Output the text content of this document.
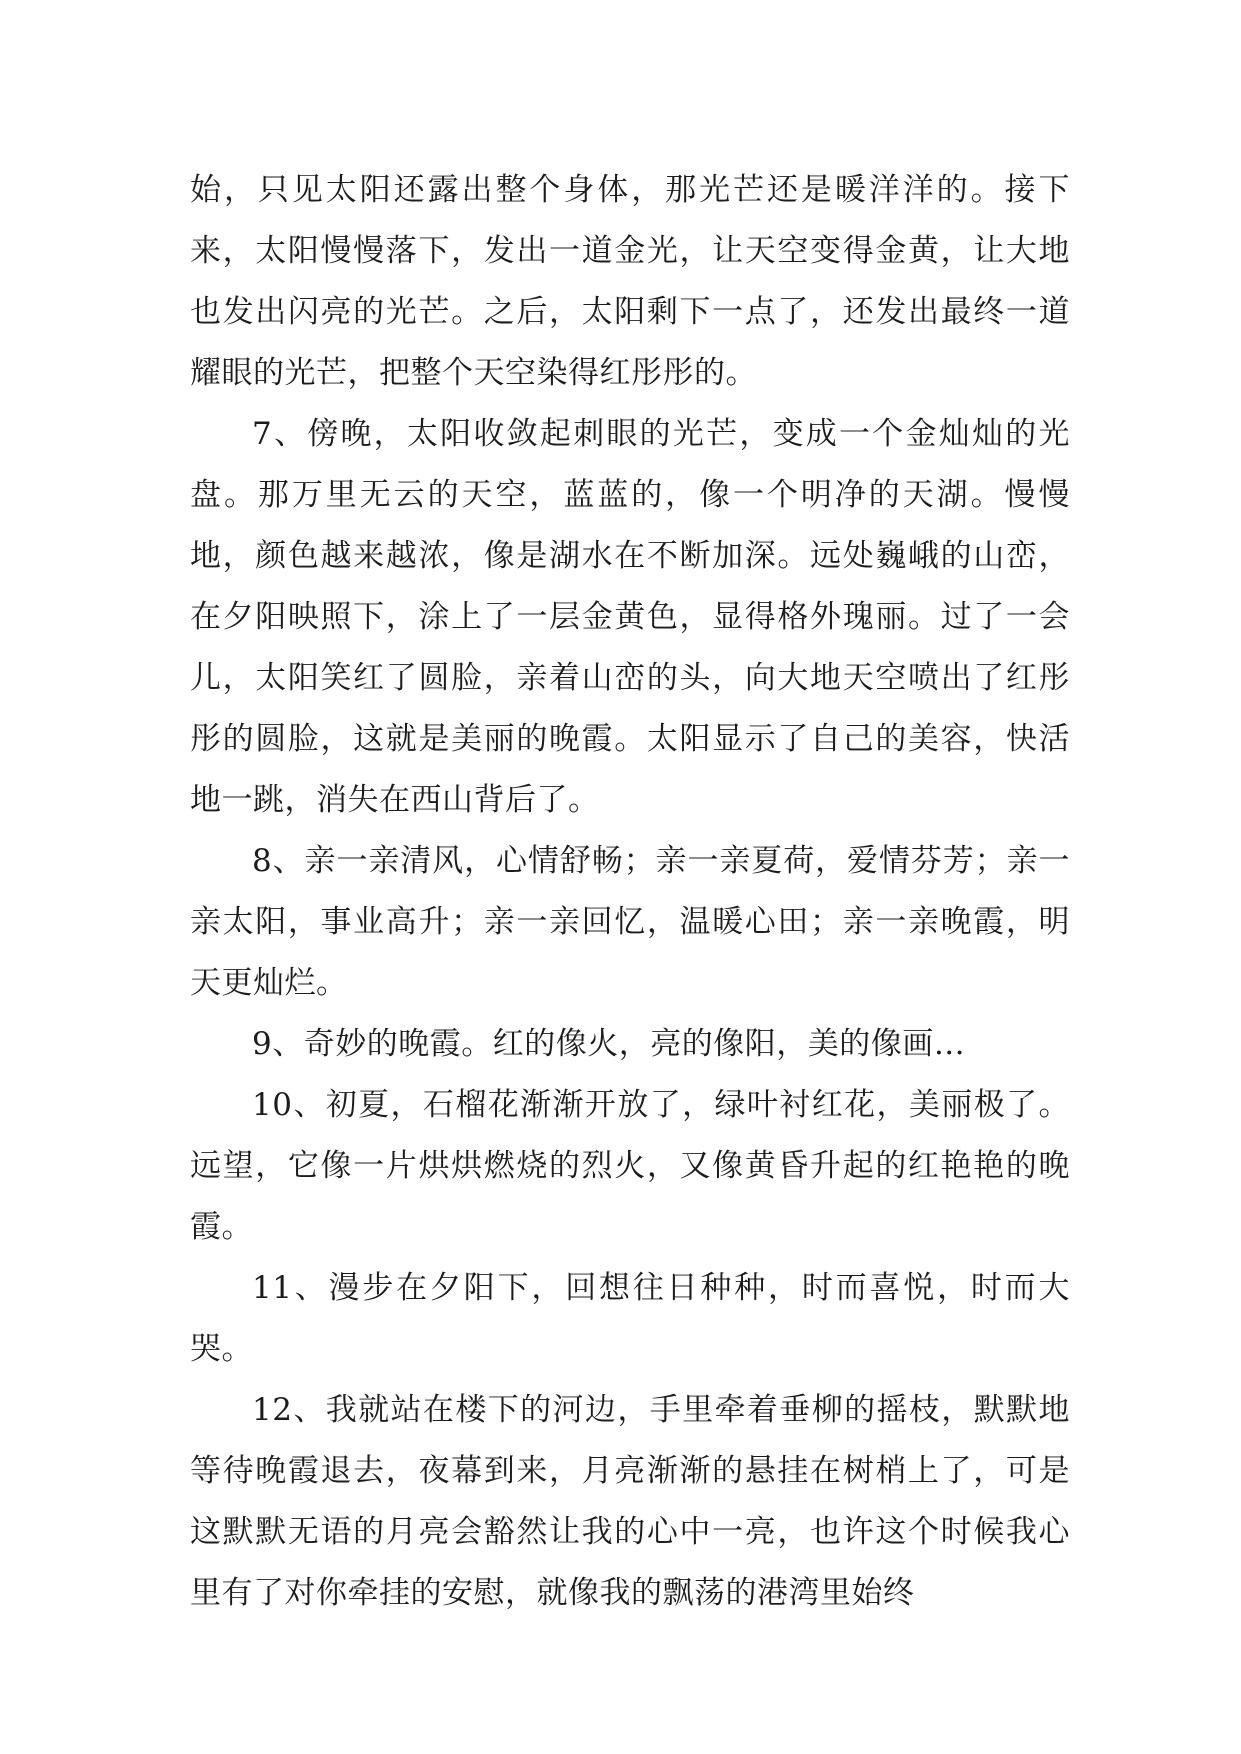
始，只见太阳还露出整个身体，那光芒还是暖洋洋的。接下来，太阳慢慢落下，发出一道金光，让天空变得金黄，让大地也发出闪亮的光芒。之后，太阳剩下一点了，还发出最终一道耀眼的光芒，把整个天空染得红彤彤的。

7、傍晚，太阳收敛起刺眼的光芒，变成一个金灿灿的光盘。那万里无云的天空，蓝蓝的，像一个明净的天湖。慢慢地，颜色越来越浓，像是湖水在不断加深。远处巍峨的山峦，在夕阳映照下，涂上了一层金黄色，显得格外瑰丽。过了一会儿，太阳笑红了圆脸，亲着山峦的头，向大地天空喷出了红彤彤的圆脸，这就是美丽的晚霞。太阳显示了自己的美容，快活地一跳，消失在西山背后了。

8、亲一亲清风，心情舒畅；亲一亲夏荷，爱情芬芳；亲一亲太阳，事业高升；亲一亲回忆，温暖心田；亲一亲晚霞，明天更灿烂。

9、奇妙的晚霞。红的像火，亮的像阳，美的像画…

10、初夏，石榴花渐渐开放了，绿叶衬红花，美丽极了。远望，它像一片烘烘燃烧的烈火，又像黄昏升起的红艳艳的晚霞。

11、漫步在夕阳下，回想往日种种，时而喜悦，时而大哭。

12、我就站在楼下的河边，手里牵着垂柳的摇枝，默默地等待晚霞退去，夜幕到来，月亮渐渐的悬挂在树梢上了，可是这默默无语的月亮会豁然让我的心中一亮，也许这个时候我心里有了对你牵挂的安慰，就像我的飘荡的港湾里始终
